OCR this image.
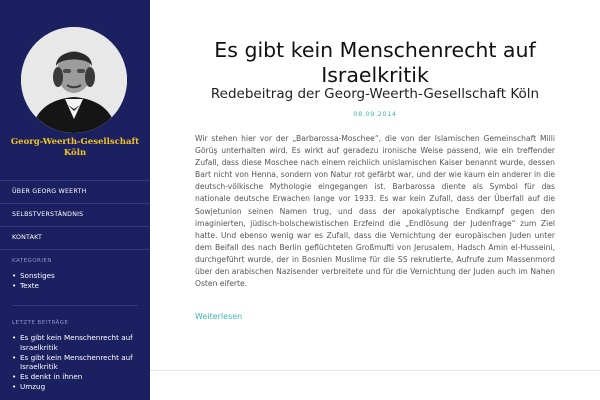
Georg-Weerth-Gesellschaft
Köln
ÜBER GEORG WEERTH
SELBSTVERSTÄNDNIS
KONTAKT
KATEGORIEN
• Sonstiges
• Texte
LETZTE BEITRÄGE
• Es gibt kein Menschenrecht auf Israelkritik
• Es gibt kein Menschenrecht auf Israelkritik
• Es denkt in ihnen
• Umzug
Es gibt kein Menschenrecht auf Israelkritik
Redebeitrag der Georg-Weerth-Gesellschaft Köln
08.09.2014

Wir stehen hier vor der „Barbarossa-Moschee“, die von der Islamischen Gemeinschaft Milli Görüş unterhalten wird. Es wirkt auf geradezu ironische Weise passend, wie ein treffender Zufall, dass diese Moschee nach einem reichlich unislamischen Kaiser benannt wurde, dessen Bart nicht von Henna, sondern von Natur rot gefärbt war, und der wie kaum ein anderer in die deutsch-völkische Mythologie eingegangen ist. Barbarossa diente als Symbol für das nationale deutsche Erwachen lange vor 1933. Es war kein Zufall, dass der Überfall auf die Sowjetunion seinen Namen trug, und dass der apokalyptische Endkampf gegen den imaginierten, jüdisch-bolschewistischen Erzfeind die „Endlösung der Judenfrage“ zum Ziel hatte. Und ebenso wenig war es Zufall, dass die Vernichtung der europäischen Juden unter dem Beifall des nach Berlin geflüchteten Großmufti von Jerusalem, Hadsch Amin el-Husseini, durchgeführt wurde, der in Bosnien Muslime für die SS rekrutierte, Aufrufe zum Massenmord über den arabischen Nazisender verbreitete und für die Vernichtung der Juden auch im Nahen Osten eiferte.

Weiterlesen
